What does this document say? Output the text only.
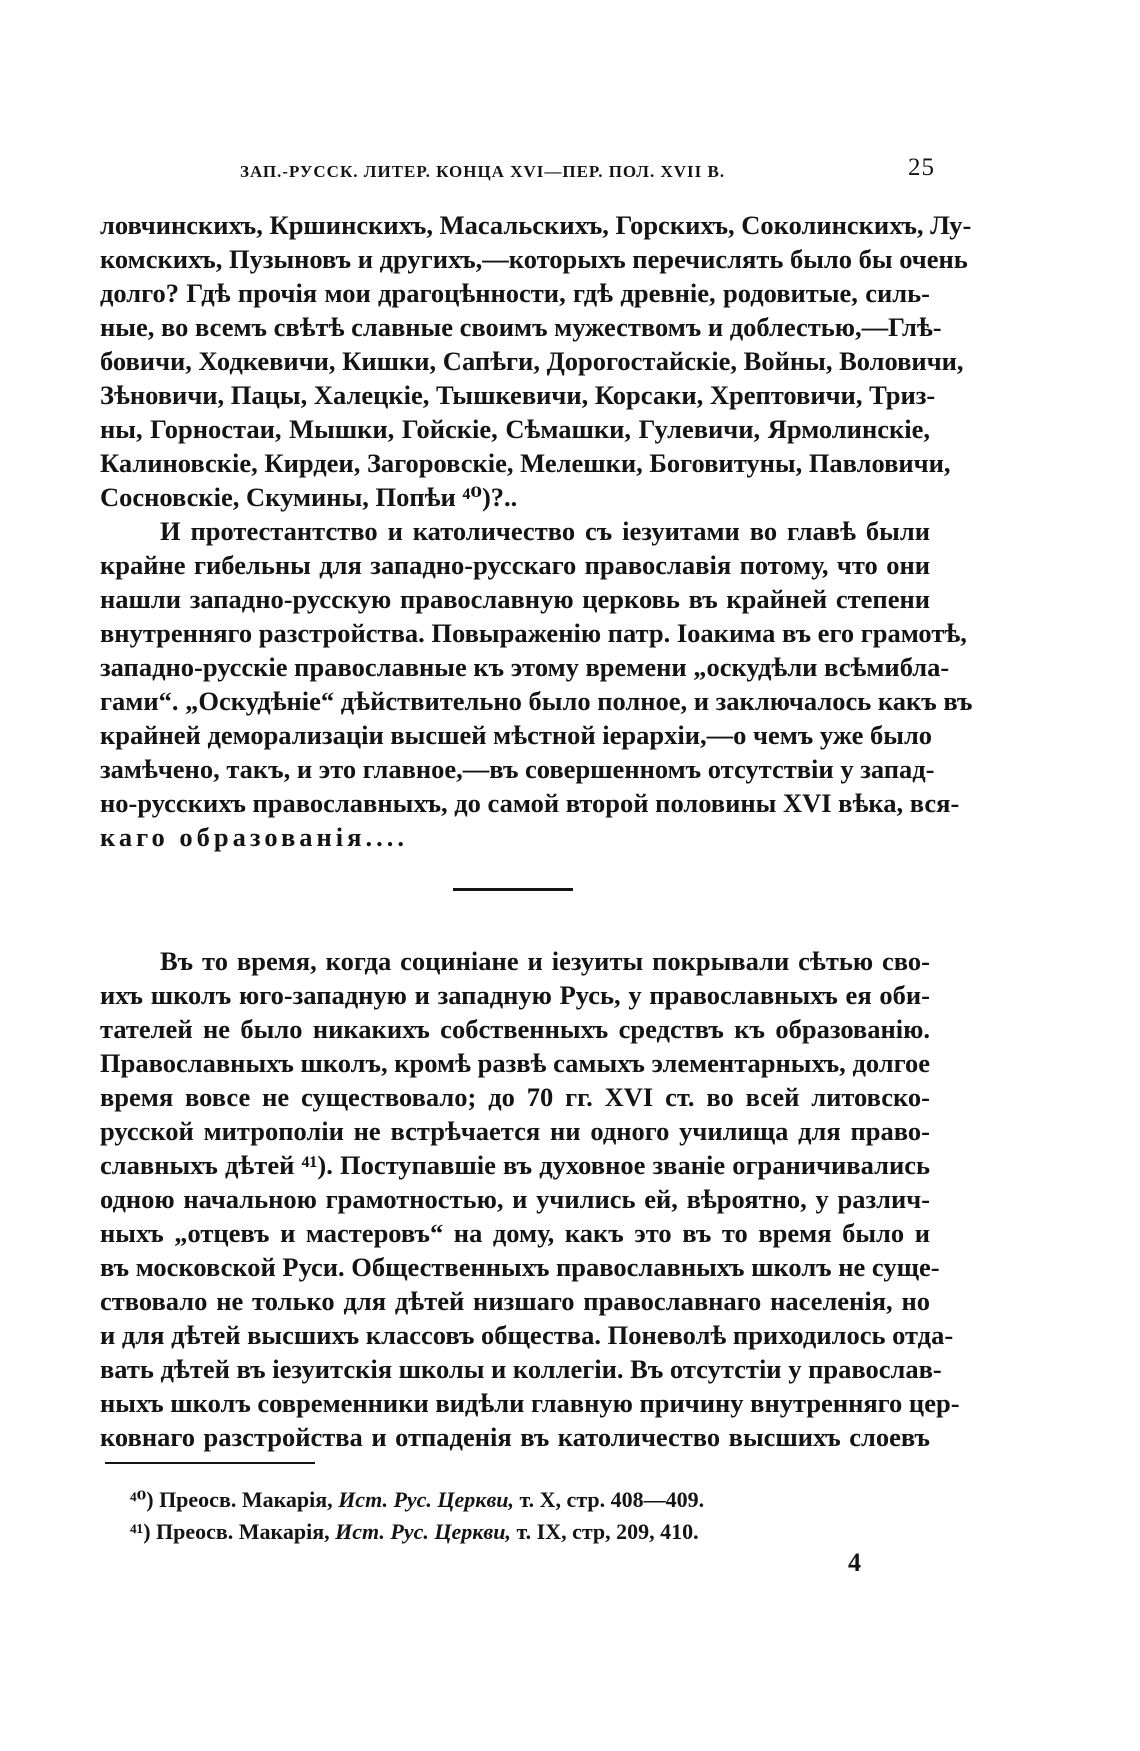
ЗАП.-РУССК. ЛИТЕР. КОНЦА XVI—ПЕР. ПОЛ. XVII В.	25
ловчинскихъ, Кршинскихъ, Масальскихъ, Горскихъ, Соколинскихъ, Лу-
комскихъ, Пузыновъ и другихъ,—которыхъ перечислять было бы очень
долго? Гдѣ прочія мои драгоцѣнности, гдѣ древніе, родовитые, силь-
ные, во всемъ свѣтѣ славные своимъ мужествомъ и доблестью,—Глѣ-
бовичи, Ходкевичи, Кишки, Сапѣги, Дорогостайскіе, Войны, Воловичи,
Зѣновичи, Пацы, Халецкіе, Тышкевичи, Корсаки, Хрептовичи, Триз-
ны, Горностаи, Мышки, Гойскіе, Сѣмашки, Гулевичи, Ярмолинскіе,
Калиновскіе, Кирдеи, Загоровскіе, Мелешки, Боговитуны, Павловичи,
Сосновскіе, Скумины, Попѣи ⁴⁰)?..
И протестантство и католичество съ іезуитами во главѣ были
крайне гибельны для западно-русскаго православія потому, что они
нашли западно-русскую православную церковь въ крайней степени
внутренняго разстройства. Повыраженію патр. Іоакима въ его грамотѣ,
западно-русскіе православные къ этому времени „оскудѣли всѣмибла-
гами“. „Оскудѣніе“ дѣйствительно было полное, и заключалось какъ въ
крайней деморализаціи высшей мѣстной іерархіи,—о чемъ уже было
замѣчено, такъ, и это главное,—въ совершенномъ отсутствіи у запад-
но-русскихъ православныхъ, до самой второй половины XVI вѣка, вся-
каго образованія....
Въ то время, когда социніане и іезуиты покрывали сѣтью сво-
ихъ школъ юго-западную и западную Русь, у православныхъ ея оби-
тателей не было никакихъ собственныхъ средствъ къ образованію.
Православныхъ школъ, кромѣ развѣ самыхъ элементарныхъ, долгое
время вовсе не существовало; до 70 гг. XVI ст. во всей литовско-
русской митрополіи не встрѣчается ни одного училища для право-
славныхъ дѣтей ⁴¹). Поступавшіе въ духовное званіе ограничивались
одною начальною грамотностью, и учились ей, вѣроятно, у различ-
ныхъ „отцевъ и мастеровъ“ на дому, какъ это въ то время было и
въ московской Руси. Общественныхъ православныхъ школъ не суще-
ствовало не только для дѣтей низшаго православнаго населенія, но
и для дѣтей высшихъ классовъ общества. Поневолѣ приходилось отда-
вать дѣтей въ іезуитскія школы и коллегіи. Въ отсутстіи у православ-
ныхъ школъ современники видѣли главную причину внутренняго цер-
ковнаго разстройства и отпаденія въ католичество высшихъ слоевъ
⁴⁰) Преосв. Макарія, Ист. Рус. Церкви, т. X, стр. 408—409.
⁴¹) Преосв. Макарія, Ист. Рус. Церкви, т. IX, стр, 209, 410.
4
